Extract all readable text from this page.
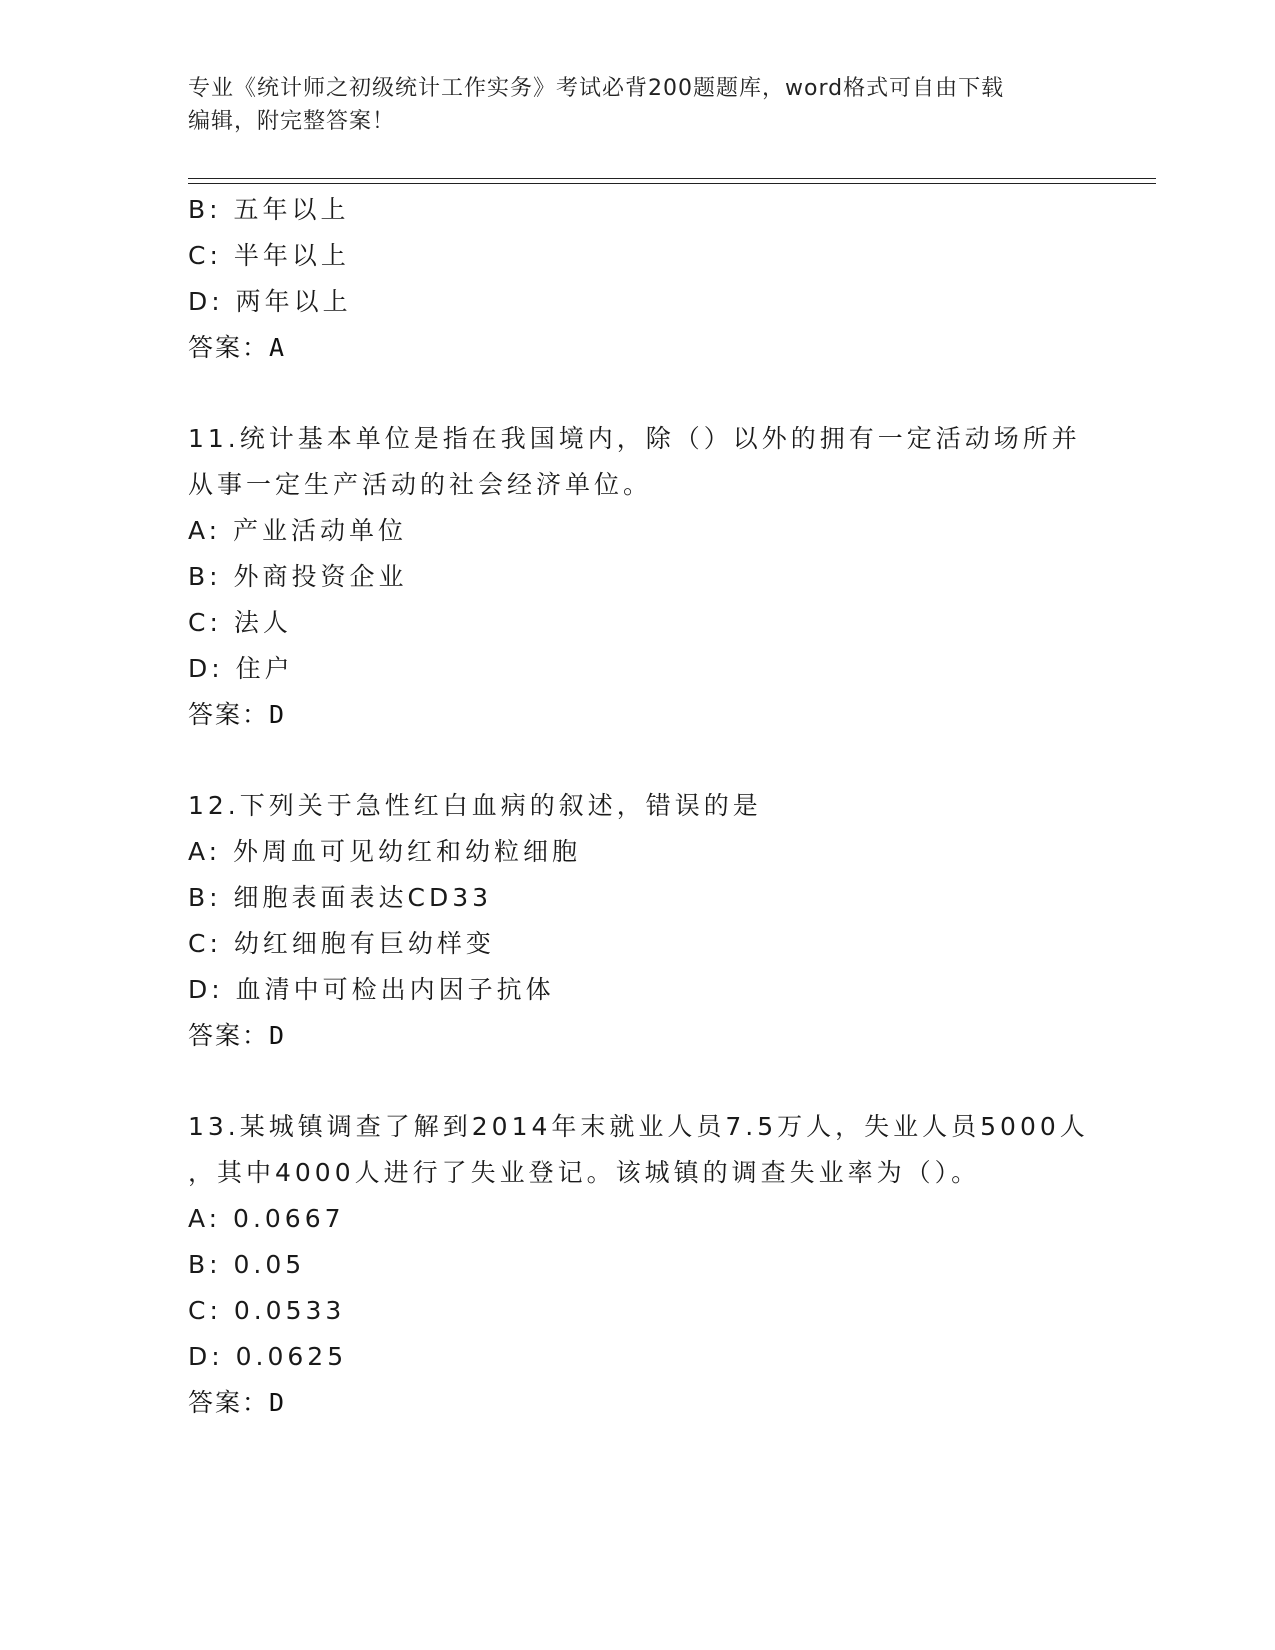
专业《统计师之初级统计工作实务》考试必背200题题库，word格式可自由下载
编辑，附完整答案！
B: 五年以上
C: 半年以上
D: 两年以上
答案：A
11.统计基本单位是指在我国境内，除（）以外的拥有一定活动场所并
从事一定生产活动的社会经济单位。
A: 产业活动单位
B: 外商投资企业
C: 法人
D: 住户
答案：D
12.下列关于急性红白血病的叙述，错误的是
A: 外周血可见幼红和幼粒细胞
B: 细胞表面表达CD33
C: 幼红细胞有巨幼样变
D: 血清中可检出内因子抗体
答案：D
13.某城镇调查了解到2014年末就业人员7.5万人，失业人员5000人
，其中4000人进行了失业登记。该城镇的调查失业率为（）。
A: 0.0667
B: 0.05
C: 0.0533
D: 0.0625
答案：D
